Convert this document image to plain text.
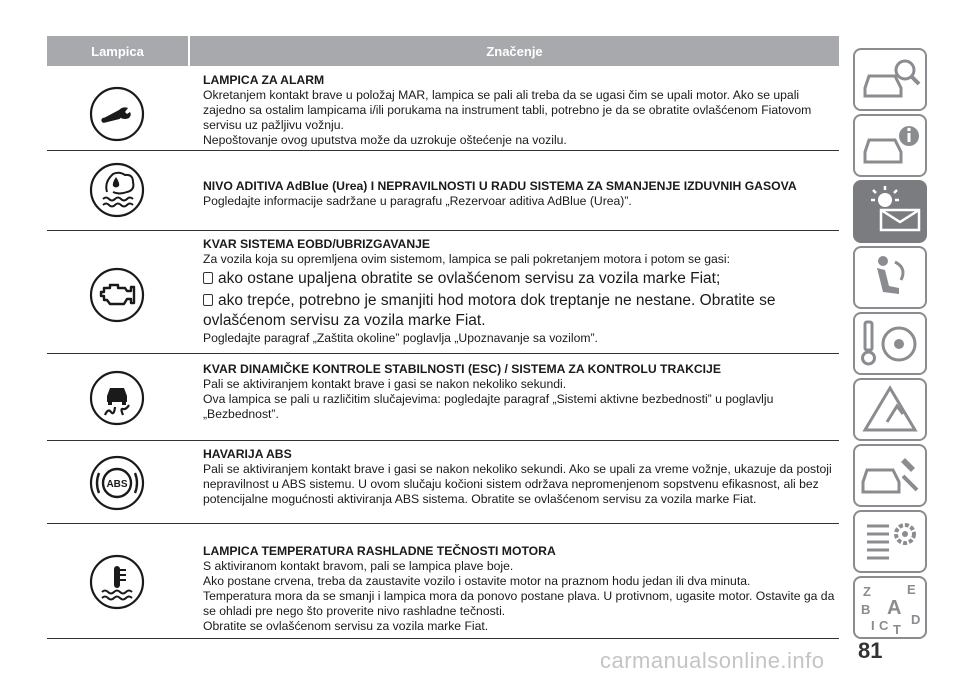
Lampica	Značenje
LAMPICA ZA ALARM
Okretanjem kontakt brave u položaj MAR, lampica se pali ali treba da se ugasi čim se upali motor. Ako se upali zajedno sa ostalim lampicama i/ili porukama na instrument tabli, potrebno je da se obratite ovlašćenom Fiatovom servisu uz pažljivu vožnju.
Nepoštovanje ovog uputstva može da uzrokuje oštećenje na vozilu.
NIVO ADITIVA AdBlue (Urea) I NEPRAVILNOSTI U RADU SISTEMA ZA SMANJENJE IZDUVNIH GASOVA
Pogledajte informacije sadržane u paragrafu „Rezervoar aditiva AdBlue (Urea)”.
KVAR SISTEMA EOBD/UBRIZGAVANJE
Za vozila koja su opremljena ovim sistemom, lampica se pali pokretanjem motora i potom se gasi:
ako ostane upaljena obratite se ovlašćenom servisu za vozila marke Fiat;
ako trepće, potrebno je smanjiti hod motora dok treptanje ne nestane. Obratite se ovlašćenom servisu za vozila marke Fiat.
Pogledajte paragraf „Zaštita okoline” poglavlja „Upoznavanje sa vozilom”.
KVAR DINAMIČKE KONTROLE STABILNOSTI (ESC) / SISTEMA ZA KONTROLU TRAKCIJE
Pali se aktiviranjem kontakt brave i gasi se nakon nekoliko sekundi.
Ova lampica se pali u različitim slučajevima: pogledajte paragraf „Sistemi aktivne bezbednosti” u poglavlju „Bezbednost”.
ABS
HAVARIJA ABS
Pali se aktiviranjem kontakt brave i gasi se nakon nekoliko sekundi. Ako se upali za vreme vožnje, ukazuje da postoji nepravilnost u ABS sistemu. U ovom slučaju kočioni sistem održava nepromenjenom sopstvenu efikasnost, ali bez potencijalne mogućnosti aktiviranja ABS sistema. Obratite se ovlašćenom servisu za vozila marke Fiat.
LAMPICA TEMPERATURA RASHLADNE TEČNOSTI MOTORA
S aktiviranom kontakt bravom, pali se lampica plave boje.
Ako postane crvena, treba da zaustavite vozilo i ostavite motor na praznom hodu jedan ili dva minuta.
Temperatura mora da se smanji i lampica mora da ponovo postane plava. U protivnom, ugasite motor. Ostavite ga da se ohladi pre nego što proverite nivo rashladne tečnosti.
Obratite se ovlašćenom servisu za vozila marke Fiat.
Z	E
B A
C T
D
I
81
carmanualsonline.info
